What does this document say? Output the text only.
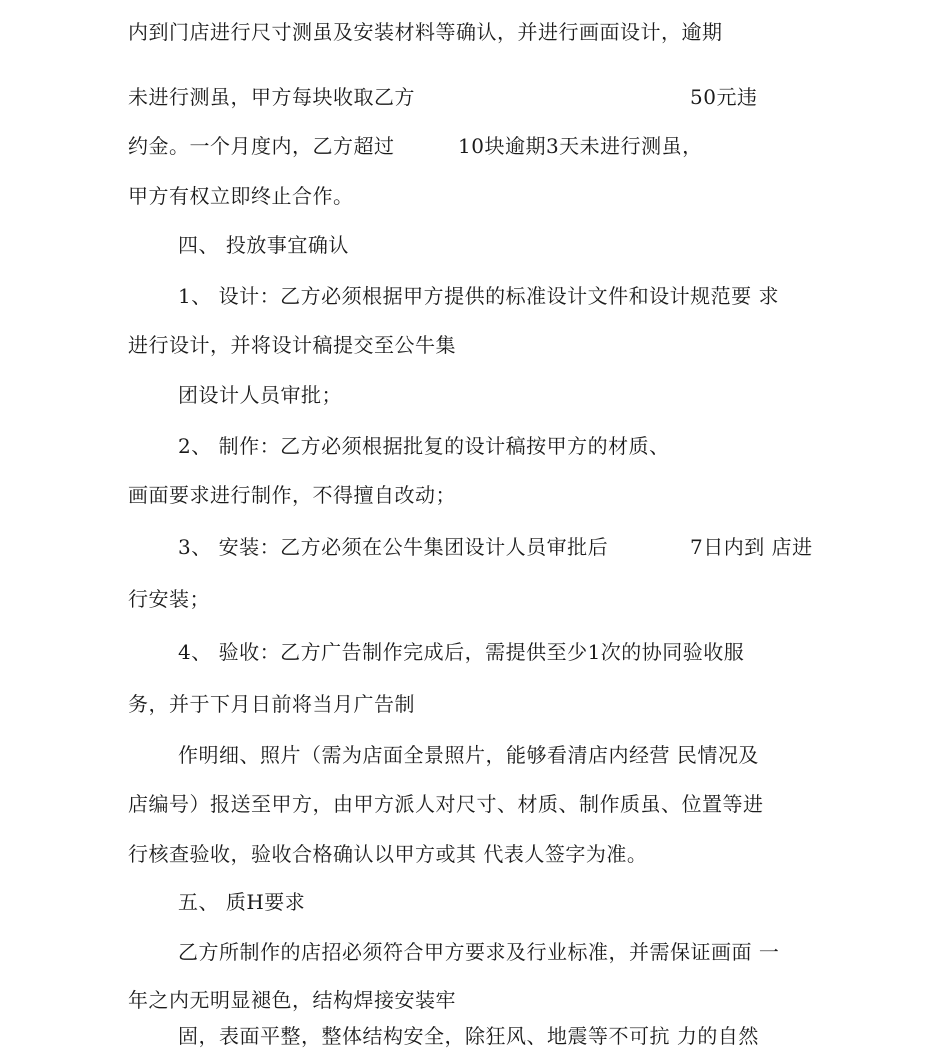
内到门店进行尺寸测虽及安装材料等确认，并进行画面设计，逾期
未进行测虽，甲方每块收取乙方	50元违
约金。一个月度内，乙方超过	10块逾期3天未进行测虽，
甲方有权立即终止合作。
四、 投放事宜确认
1、 设计：乙方必须根据甲方提供的标准设计文件和设计规范要 求
进行设计，并将设计稿提交至公牛集
团设计人员审批；
2、 制作：乙方必须根据批复的设计稿按甲方的材质、
画面要求进行制作，不得擅自改动；
3、 安装：乙方必须在公牛集团设计人员审批后	7日内到 店进
行安装；
4、 验收：乙方广告制作完成后，需提供至少1次的协同验收服
务，并于下月日前将当月广告制
作明细、照片（需为店面全景照片，能够看清店内经营 民情况及
店编号）报送至甲方，由甲方派人对尺寸、材质、制作质虽、位置等进
行核查验收，验收合格确认以甲方或其 代表人签字为准。
五、 质H要求
乙方所制作的店招必须符合甲方要求及行业标准，并需保证画面 一
年之内无明显褪色，结构焊接安装牢
固，表面平整，整体结构安全，除狂风、地震等不可抗 力的自然
